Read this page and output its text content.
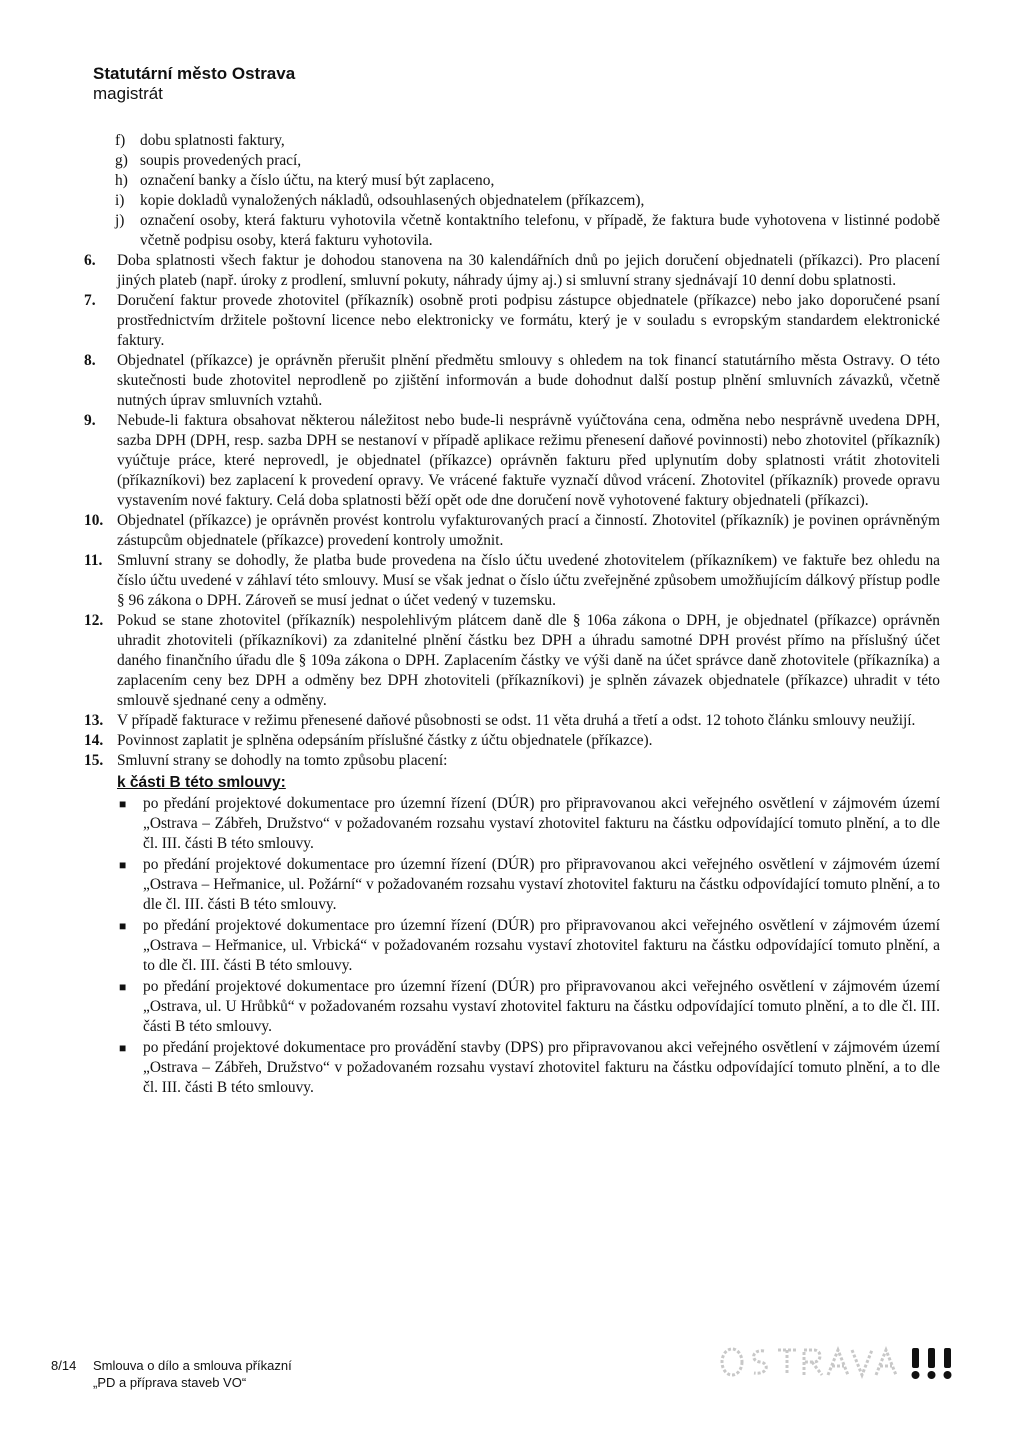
Statutární město Ostrava
magistrát
f) dobu splatnosti faktury,
g) soupis provedených prací,
h) označení banky a číslo účtu, na který musí být zaplaceno,
i)	kopie dokladů vynaložených nákladů, odsouhlasených objednatelem (příkazcem),
j)	označení osoby, která fakturu vyhotovila včetně kontaktního telefonu, v případě, že faktura bude vyhotovena v listinné podobě včetně podpisu osoby, která fakturu vyhotovila.
6.	Doba splatnosti všech faktur je dohodou stanovena na 30 kalendářních dnů po jejich doručení objednateli (příkazci). Pro placení jiných plateb (např. úroky z prodlení, smluvní pokuty, náhrady újmy aj.) si smluvní strany sjednávají 10 denní dobu splatnosti.
7.	Doručení faktur provede zhotovitel (příkazník) osobně proti podpisu zástupce objednatele (příkazce) nebo jako doporučené psaní prostřednictvím držitele poštovní licence nebo elektronicky ve formátu, který je v souladu s evropským standardem elektronické faktury.
8.	Objednatel (příkazce) je oprávněn přerušit plnění předmětu smlouvy s ohledem na tok financí statutárního města Ostravy. O této skutečnosti bude zhotovitel neprodleně po zjištění informován a bude dohodnut další postup plnění smluvních závazků, včetně nutných úprav smluvních vztahů.
9.	Nebude-li faktura obsahovat některou náležitost nebo bude-li nesprávně vyúčtována cena, odměna nebo nesprávně uvedena DPH, sazba DPH (DPH, resp. sazba DPH se nestanoví v případě aplikace režimu přenesení daňové povinnosti) nebo zhotovitel (příkazník) vyúčtuje práce, které neprovedl, je objednatel (příkazce) oprávněn fakturu před uplynutím doby splatnosti vrátit zhotoviteli (příkazníkovi) bez zaplacení k provedení opravy. Ve vrácené faktuře vyznačí důvod vrácení. Zhotovitel (příkazník) provede opravu vystavením nové faktury. Celá doba splatnosti běží opět ode dne doručení nově vyhotovené faktury objednateli (příkazci).
10. Objednatel (příkazce) je oprávněn provést kontrolu vyfakturovaných prací a činností. Zhotovitel (příkazník) je povinen oprávněným zástupcům objednatele (příkazce) provedení kontroly umožnit.
11. Smluvní strany se dohodly, že platba bude provedena na číslo účtu uvedené zhotovitelem (příkazníkem) ve faktuře bez ohledu na číslo účtu uvedené v záhlaví této smlouvy. Musí se však jednat o číslo účtu zveřejněné způsobem umožňujícím dálkový přístup podle § 96 zákona o DPH. Zároveň se musí jednat o účet vedený v tuzemsku.
12. Pokud se stane zhotovitel (příkazník) nespolehlivým plátcem daně dle § 106a zákona o DPH, je objednatel (příkazce) oprávněn uhradit zhotoviteli (příkazníkovi) za zdanitelné plnění částku bez DPH a úhradu samotné DPH provést přímo na příslušný účet daného finančního úřadu dle § 109a zákona o DPH. Zaplacením částky ve výši daně na účet správce daně zhotovitele (příkazníka) a zaplacením ceny bez DPH a odměny bez DPH zhotoviteli (příkazníkovi) je splněn závazek objednatele (příkazce) uhradit v této smlouvě sjednané ceny a odměny.
13. V případě fakturace v režimu přenesené daňové působnosti se odst. 11 věta druhá a třetí a odst. 12 tohoto článku smlouvy neužijí.
14. Povinnost zaplatit je splněna odepsáním příslušné částky z účtu objednatele (příkazce).
15. Smluvní strany se dohodly na tomto způsobu placení:
k části B této smlouvy:
■	po předání projektové dokumentace pro územní řízení (DÚR) pro připravovanou akci veřejného osvětlení v zájmovém území „Ostrava – Zábřeh, Družstvo“ v požadovaném rozsahu vystaví zhotovitel fakturu na částku odpovídající tomuto plnění, a to dle čl. III. části B této smlouvy.
■	po předání projektové dokumentace pro územní řízení (DÚR) pro připravovanou akci veřejného osvětlení v zájmovém území „Ostrava – Heřmanice, ul. Požární“ v požadovaném rozsahu vystaví zhotovitel fakturu na částku odpovídající tomuto plnění, a to dle čl. III. části B této smlouvy.
■	po předání projektové dokumentace pro územní řízení (DÚR) pro připravovanou akci veřejného osvětlení v zájmovém území „Ostrava – Heřmanice, ul. Vrbická“ v požadovaném rozsahu vystaví zhotovitel fakturu na částku odpovídající tomuto plnění, a to dle čl. III. části B této smlouvy.
■	po předání projektové dokumentace pro územní řízení (DÚR) pro připravovanou akci veřejného osvětlení v zájmovém území „Ostrava, ul. U Hrůbků“ v požadovaném rozsahu vystaví zhotovitel fakturu na částku odpovídající tomuto plnění, a to dle čl. III. části B této smlouvy.
■	po předání projektové dokumentace pro provádění stavby (DPS) pro připravovanou akci veřejného osvětlení v zájmovém území „Ostrava – Zábřeh, Družstvo“ v požadovaném rozsahu vystaví zhotovitel fakturu na částku odpovídající tomuto plnění, a to dle čl. III. části B této smlouvy.
8/14	Smlouva o dílo a smlouva příkazní
„PD a příprava staveb VO“
